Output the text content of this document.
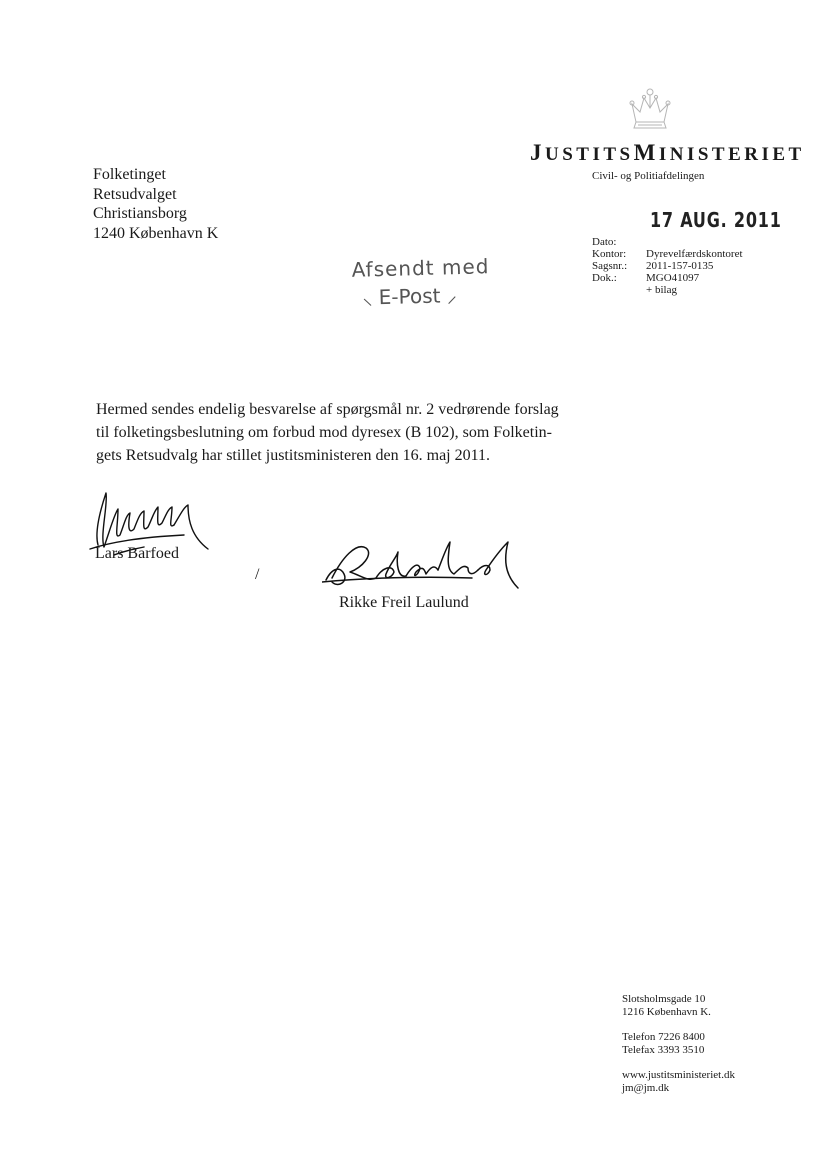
JUSTITSMINISTERIET
Civil- og Politiafdelingen
Folketinget
Retsudvalget
Christiansborg
1240 København K
17 AUG. 2011
Afsendt med
⸜ E-Post ⸝
Dato:
Kontor:	Dyrevelfærdskontoret
Sagsnr.:	2011-157-0135
Dok.:	MGO41097
+ bilag
Hermed sendes endelig besvarelse af spørgsmål nr. 2 vedrørende forslag
til folketingsbeslutning om forbud mod dyresex (B 102), som Folketin-
gets Retsudvalg har stillet justitsministeren den 16. maj 2011.
Lars Barfoed
/
Rikke Freil Laulund
Slotsholmsgade 10
1216 København K.
Telefon 7226 8400
Telefax 3393 3510
www.justitsministeriet.dk
jm@jm.dk
